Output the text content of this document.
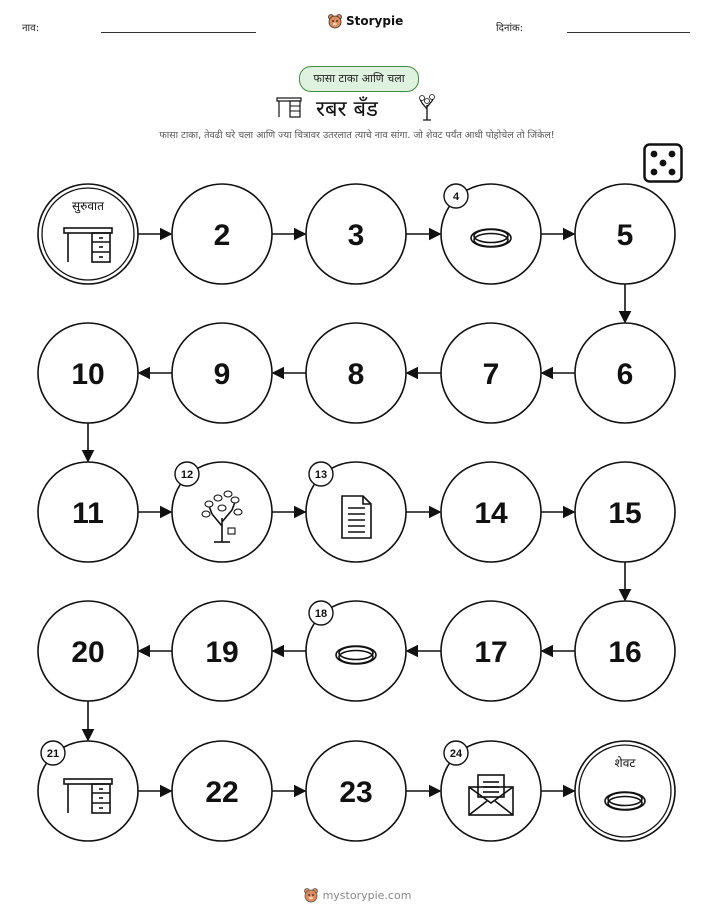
नाव:
Storypie
दिनांक:
फासा टाका आणि चला
रबर बँड
फासा टाका, तेवढी घरे चला आणि ज्या चित्रावर उतरलात त्याचे नाव सांगा. जो शेवट पर्यंत आधी पोहोचेल तो जिंकेल!
सुरुवात
2	3
4
5
6
7
8
9
10
11
12	13
14	15
16
17
18
19
20
21
22	23
24
शेवट
mystorypie.com
